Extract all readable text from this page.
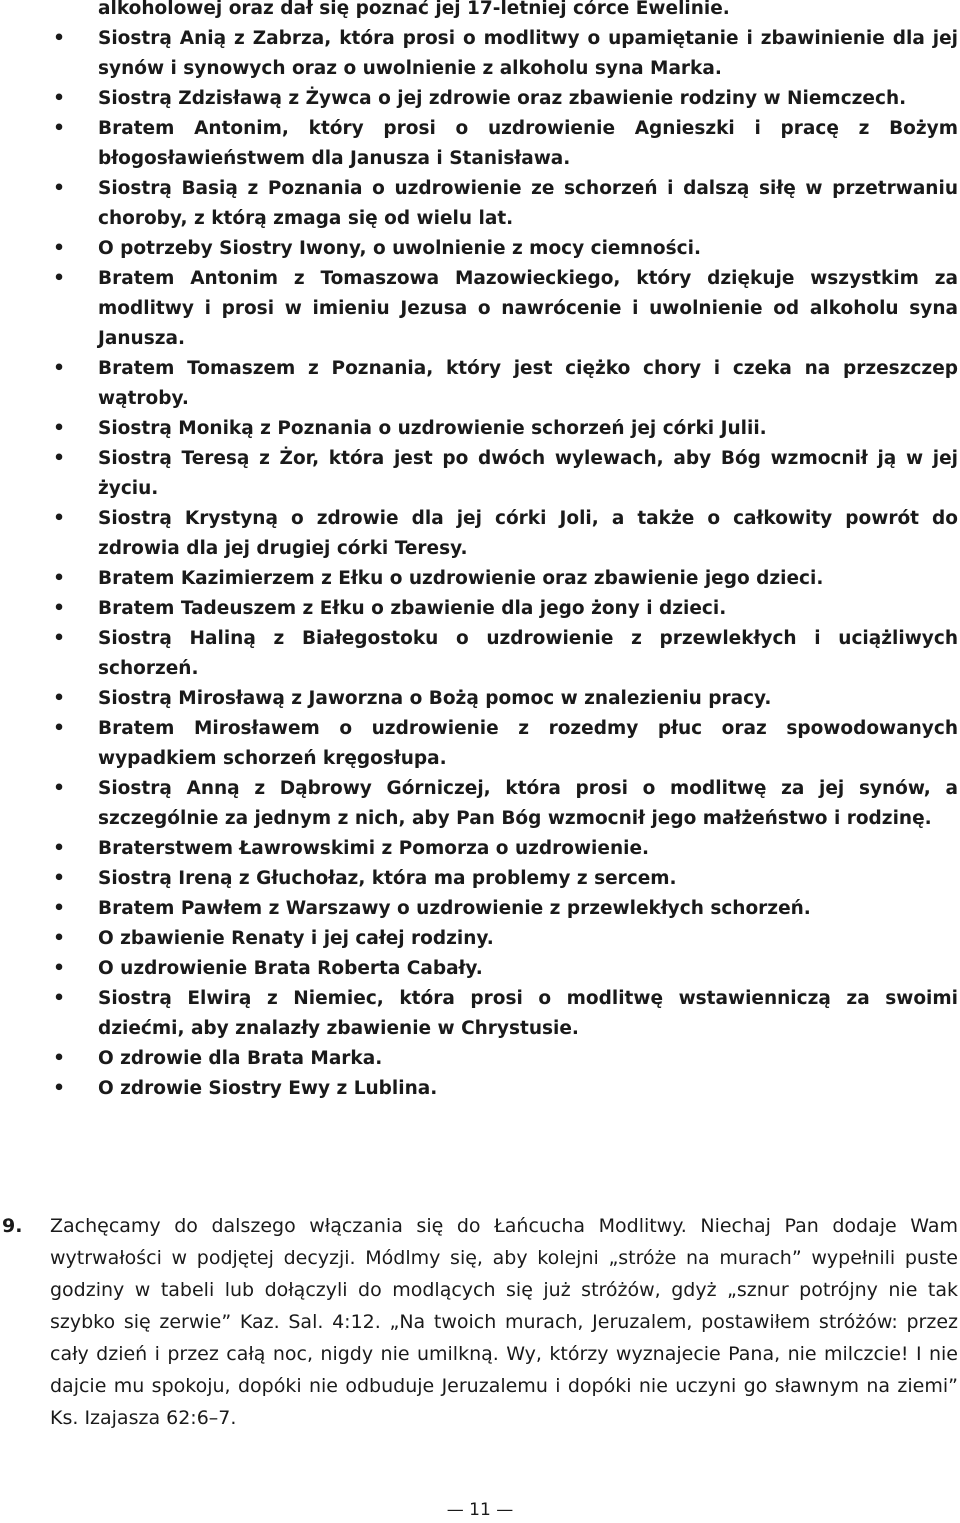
alkoholowej oraz dał się poznać jej 17-letniej córce Ewelinie.
• Siostrą Anią z Zabrza, która prosi o modlitwy o upamiętanie i zbawinienie dla jej synów i synowych oraz o uwolnienie z alkoholu syna Marka.
• Siostrą Zdzisławą z Żywca o jej zdrowie oraz zbawienie rodziny w Niemczech.
• Bratem Antonim, który prosi o uzdrowienie Agnieszki i pracę z Bożym błogosławieństwem dla Janusza i Stanisława.
• Siostrą Basią z Poznania o uzdrowienie ze schorzeń i dalszą siłę w przetrwaniu choroby, z którą zmaga się od wielu lat.
• O potrzeby Siostry Iwony, o uwolnienie z mocy ciemności.
• Bratem Antonim z Tomaszowa Mazowieckiego, który dziękuje wszystkim za modlitwy i prosi w imieniu Jezusa o nawrócenie i uwolnienie od alkoholu syna Janusza.
• Bratem Tomaszem z Poznania, który jest ciężko chory i czeka na przeszczep wątroby.
• Siostrą Moniką z Poznania o uzdrowienie schorzeń jej córki Julii.
• Siostrą Teresą z Żor, która jest po dwóch wylewach, aby Bóg wzmocnił ją w jej życiu.
• Siostrą Krystyną o zdrowie dla jej córki Joli, a także o całkowity powrót do zdrowia dla jej drugiej córki Teresy.
• Bratem Kazimierzem z Ełku o uzdrowienie oraz zbawienie jego dzieci.
• Bratem Tadeuszem z Ełku o zbawienie dla jego żony i dzieci.
• Siostrą Haliną z Białegostoku o uzdrowienie z przewlekłych i uciążliwych schorzeń.
• Siostrą Mirosławą z Jaworzna o Bożą pomoc w znalezieniu pracy.
• Bratem Mirosławem o uzdrowienie z rozedmy płuc oraz spowodowanych wypadkiem schorzeń kręgosłupa.
• Siostrą Anną z Dąbrowy Górniczej, która prosi o modlitwę za jej synów, a szczególnie za jednym z nich, aby Pan Bóg wzmocnił jego małżeństwo i rodzinę.
• Braterstwem Ławrowskimi z Pomorza o uzdrowienie.
• Siostrą Ireną z Głuchołaz, która ma problemy z sercem.
• Bratem Pawłem z Warszawy o uzdrowienie z przewlekłych schorzeń.
• O zbawienie Renaty i jej całej rodziny.
• O uzdrowienie Brata Roberta Cabały.
• Siostrą Elwirą z Niemiec, która prosi o modlitwę wstawienniczą za swoimi dziećmi, aby znalazły zbawienie w Chrystusie.
• O zdrowie dla Brata Marka.
• O zdrowie Siostry Ewy z Lublina.
9. Zachęcamy do dalszego włączania się do Łańcucha Modlitwy. Niechaj Pan dodaje Wam wytrwałości w podjętej decyzji. Módlmy się, aby kolejni „stróże na murach” wypełnili puste godziny w tabeli lub dołączyli do modlących się już stróżów, gdyż „sznur potrójny nie tak szybko się zerwie” Kaz. Sal. 4:12. „Na twoich murach, Jeruzalem, postawiłem stróżów: przez cały dzień i przez całą noc, nigdy nie umilkną. Wy, którzy wyznajecie Pana, nie milczcie! I nie dajcie mu spokoju, dopóki nie odbuduje Jeruzalemu i dopóki nie uczyni go sławnym na ziemi” Ks. Izajasza 62:6–7.
— 11 —
